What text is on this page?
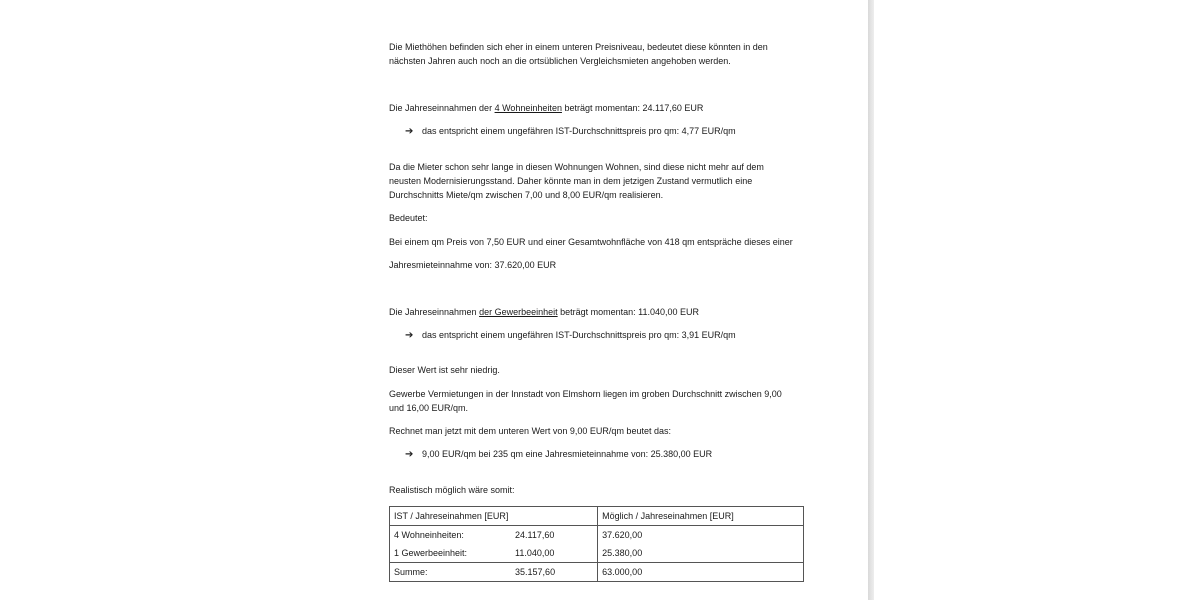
Die Miethöhen befinden sich eher in einem unteren Preisniveau, bedeutet diese könnten in den
nächsten Jahren auch noch an die ortsüblichen Vergleichsmieten angehoben werden.
Die Jahreseinnahmen der 4 Wohneinheiten beträgt momentan: 24.117,60 EUR
➔ das entspricht einem ungefähren IST-Durchschnittspreis pro qm: 4,77 EUR/qm
Da die Mieter schon sehr lange in diesen Wohnungen Wohnen, sind diese nicht mehr auf dem
neusten Modernisierungsstand. Daher könnte man in dem jetzigen Zustand vermutlich eine
Durchschnitts Miete/qm zwischen 7,00 und 8,00 EUR/qm realisieren.
Bedeutet:
Bei einem qm Preis von 7,50 EUR und einer Gesamtwohnfläche von 418 qm entspräche dieses einer
Jahresmieteinnahme von: 37.620,00 EUR
Die Jahreseinnahmen der Gewerbeeinheit beträgt momentan: 11.040,00 EUR
➔ das entspricht einem ungefähren IST-Durchschnittspreis pro qm: 3,91 EUR/qm
Dieser Wert ist sehr niedrig.
Gewerbe Vermietungen in der Innstadt von Elmshorn liegen im groben Durchschnitt zwischen 9,00
und 16,00 EUR/qm.
Rechnet man jetzt mit dem unteren Wert von 9,00 EUR/qm beutet das:
➔ 9,00 EUR/qm bei 235 qm eine Jahresmieteinnahme von: 25.380,00 EUR
Realistisch möglich wäre somit:
IST / Jahreseinahmen [EUR]		Möglich / Jahreseinahmen [EUR]
4 Wohneinheiten:	24.117,60	37.620,00
1 Gewerbeeinheit:	11.040,00	25.380,00
Summe:	35.157,60	63.000,00
